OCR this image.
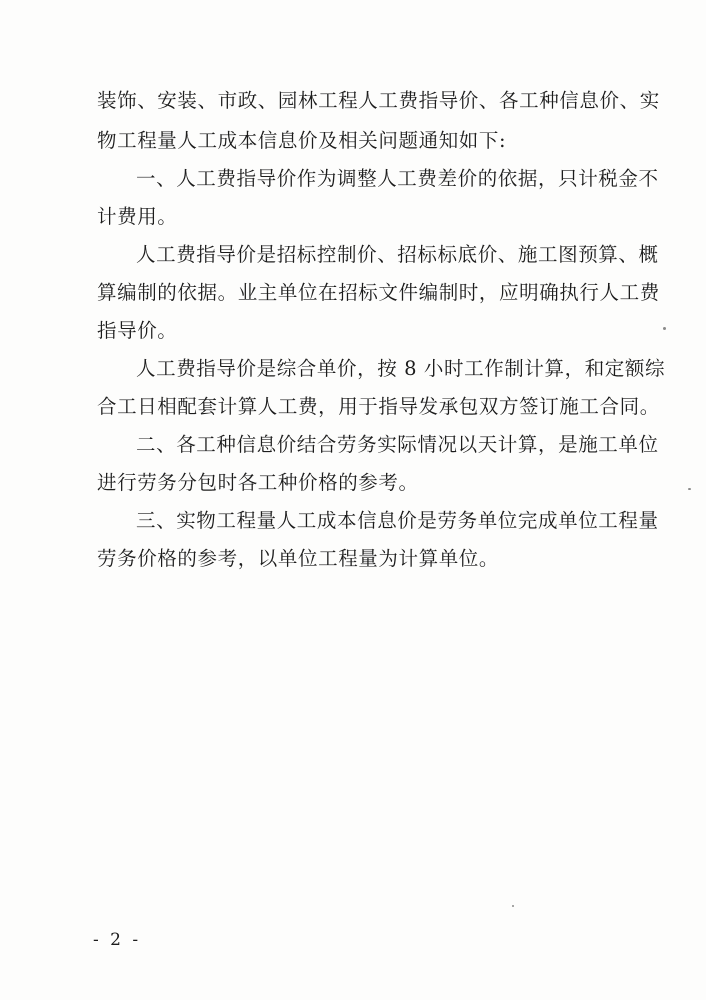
装饰、安装、市政、园林工程人工费指导价、各工种信息价、实
物工程量人工成本信息价及相关问题通知如下:
一、人工费指导价作为调整人工费差价的依据，只计税金不
计费用。
人工费指导价是招标控制价、招标标底价、施工图预算、概
算编制的依据。业主单位在招标文件编制时，应明确执行人工费
指导价。
人工费指导价是综合单价，按 8 小时工作制计算，和定额综
合工日相配套计算人工费，用于指导发承包双方签订施工合同。
二、各工种信息价结合劳务实际情况以天计算，是施工单位
进行劳务分包时各工种价格的参考。
三、实物工程量人工成本信息价是劳务单位完成单位工程量
劳务价格的参考，以单位工程量为计算单位。
- 2 -
